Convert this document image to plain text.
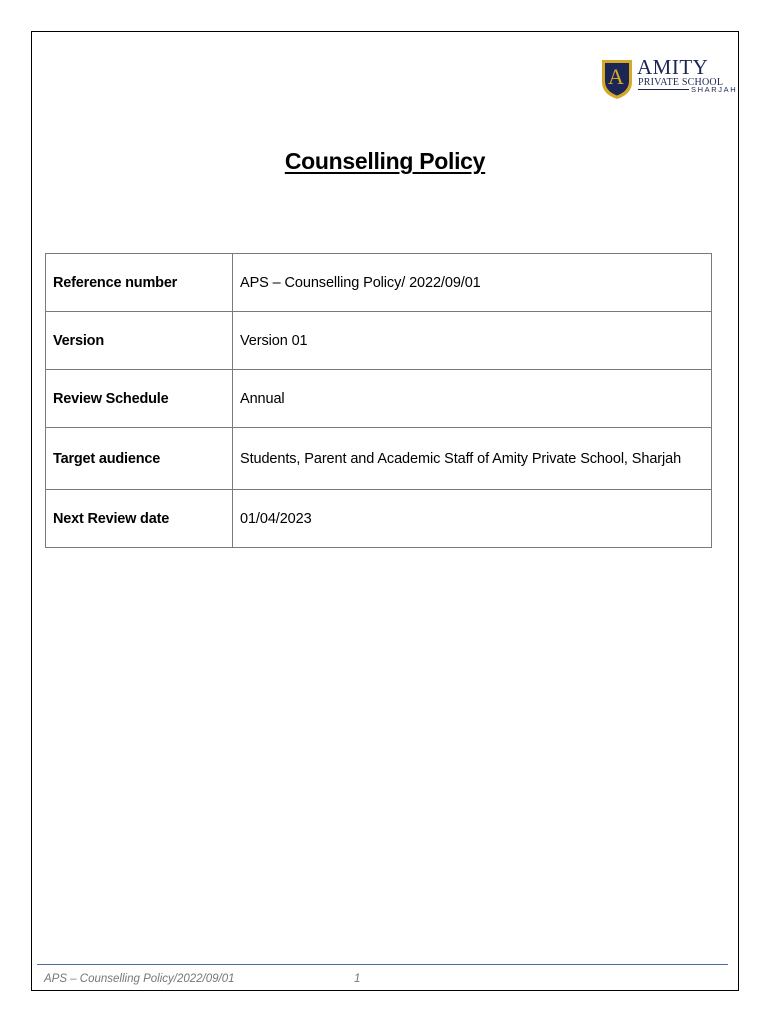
A AMITY
PRIVATE SCHOOL
SHARJAH
Counselling Policy
Reference number	APS – Counselling Policy/ 2022/09/01
Version	Version 01
Review Schedule	Annual
Target audience	Students, Parent and Academic Staff of Amity Private School, Sharjah
Next Review date	01/04/2023
APS – Counselling Policy/2022/09/01	1
